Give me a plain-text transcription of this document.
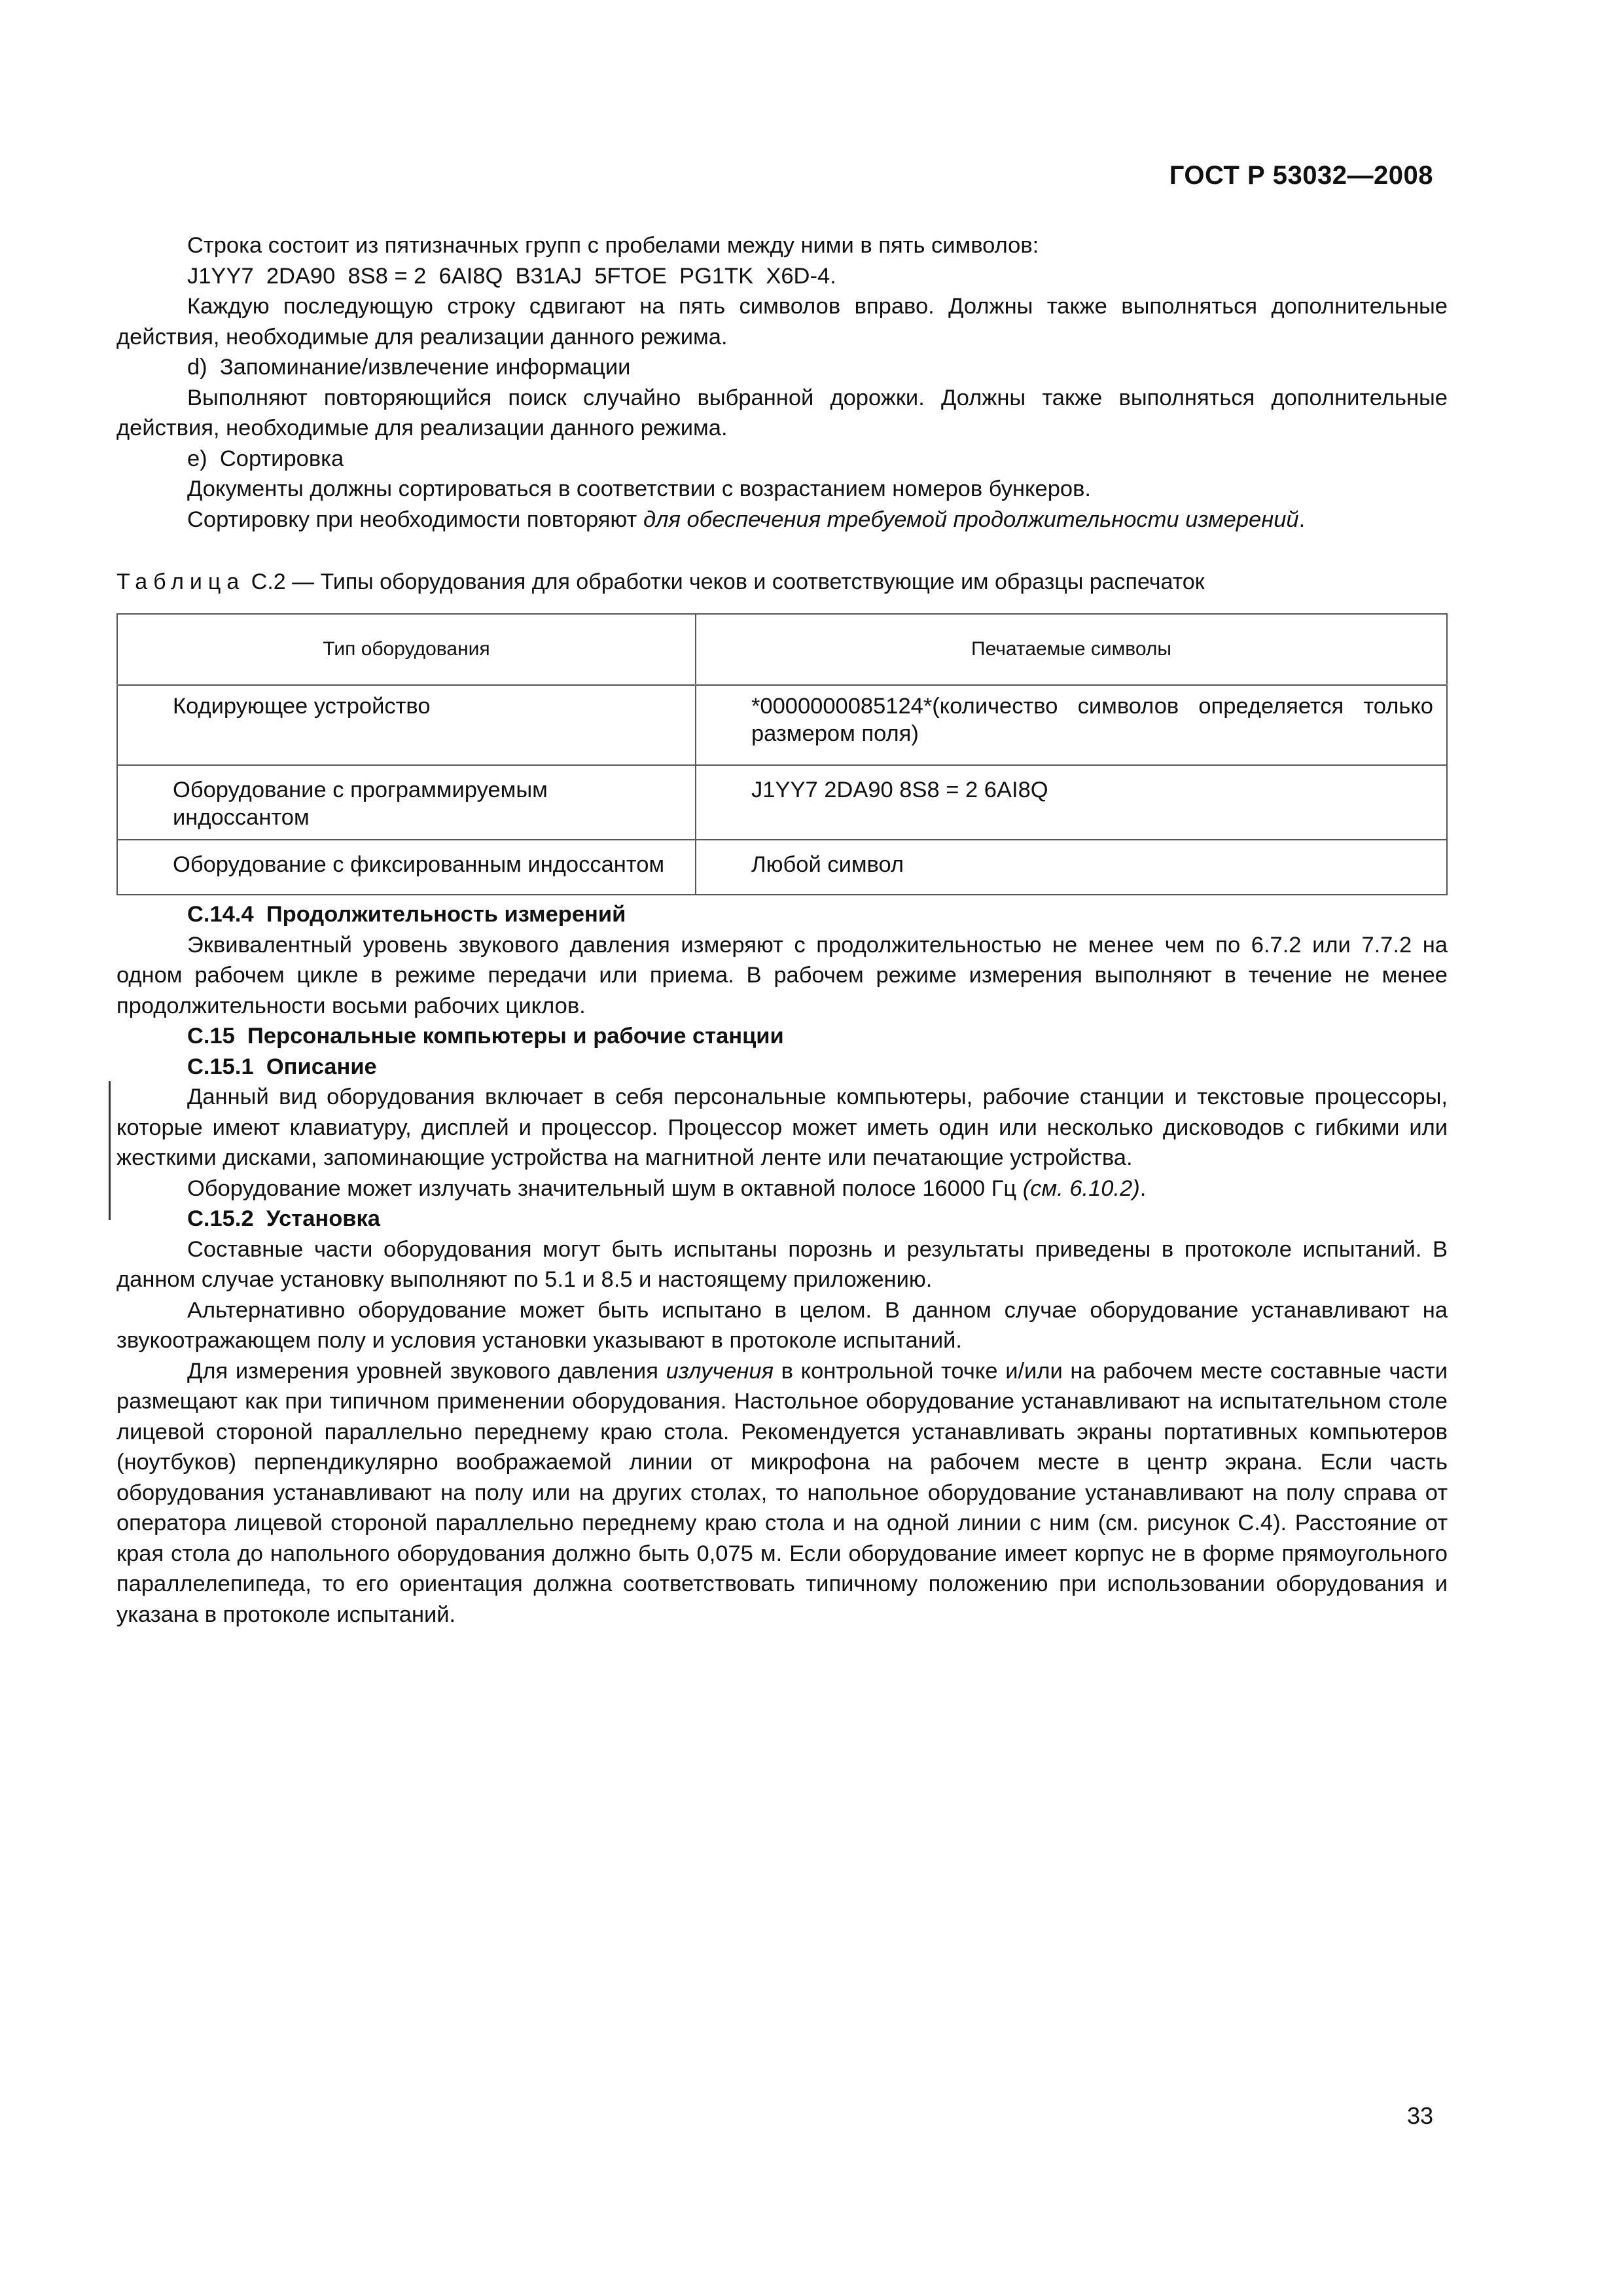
ГОСТ Р 53032—2008

Строка состоит из пятизначных групп с пробелами между ними в пять символов:

J1YY7  2DA90  8S8 = 2  6AI8Q  B31AJ  5FTOE  PG1TK  X6D-4.

Каждую последующую строку сдвигают на пять символов вправо. Должны также выполняться дополнительные действия, необходимые для реализации данного режима.

d)  Запоминание/извлечение информации

Выполняют повторяющийся поиск случайно выбранной дорожки. Должны также выполняться дополнительные действия, необходимые для реализации данного режима.

e)  Сортировка

Документы должны сортироваться в соответствии с возрастанием номеров бункеров.

Сортировку при необходимости повторяют для обеспечения требуемой продолжительности измерений.

Таблица С.2 — Типы оборудования для обработки чеков и соответствующие им образцы распечаток
Тип оборудования	Печатаемые символы
Кодирующее устройство	*0000000085124*(количество символов определяется только размером поля)
Оборудование с программируемым индоссантом	J1YY7 2DA90 8S8 = 2 6AI8Q
Оборудование с фиксированным индоссантом	Любой символ

С.14.4  Продолжительность измерений

Эквивалентный уровень звукового давления измеряют с продолжительностью не менее чем по 6.7.2 или 7.7.2 на одном рабочем цикле в режиме передачи или приема. В рабочем режиме измерения выполняют в течение не менее продолжительности восьми рабочих циклов.

С.15  Персональные компьютеры и рабочие станции

С.15.1  Описание

Данный вид оборудования включает в себя персональные компьютеры, рабочие станции и текстовые процессоры, которые имеют клавиатуру, дисплей и процессор. Процессор может иметь один или несколько дисководов с гибкими или жесткими дисками, запоминающие устройства на магнитной ленте или печатающие устройства.

Оборудование может излучать значительный шум в октавной полосе 16000 Гц (см. 6.10.2).

С.15.2  Установка

Составные части оборудования могут быть испытаны порознь и результаты приведены в протоколе испытаний. В данном случае установку выполняют по 5.1 и 8.5 и настоящему приложению.

Альтернативно оборудование может быть испытано в целом. В данном случае оборудование устанавливают на звукоотражающем полу и условия установки указывают в протоколе испытаний.

Для измерения уровней звукового давления излучения в контрольной точке и/или на рабочем месте составные части размещают как при типичном применении оборудования. Настольное оборудование устанавливают на испытательном столе лицевой стороной параллельно переднему краю стола. Рекомендуется устанавливать экраны портативных компьютеров (ноутбуков) перпендикулярно воображаемой линии от микрофона на рабочем месте в центр экрана. Если часть оборудования устанавливают на полу или на других столах, то напольное оборудование устанавливают на полу справа от оператора лицевой стороной параллельно переднему краю стола и на одной линии с ним (см. рисунок С.4). Расстояние от края стола до напольного оборудования должно быть 0,075 м. Если оборудование имеет корпус не в форме прямоугольного параллелепипеда, то его ориентация должна соответствовать типичному положению при использовании оборудования и указана в протоколе испытаний.

33
